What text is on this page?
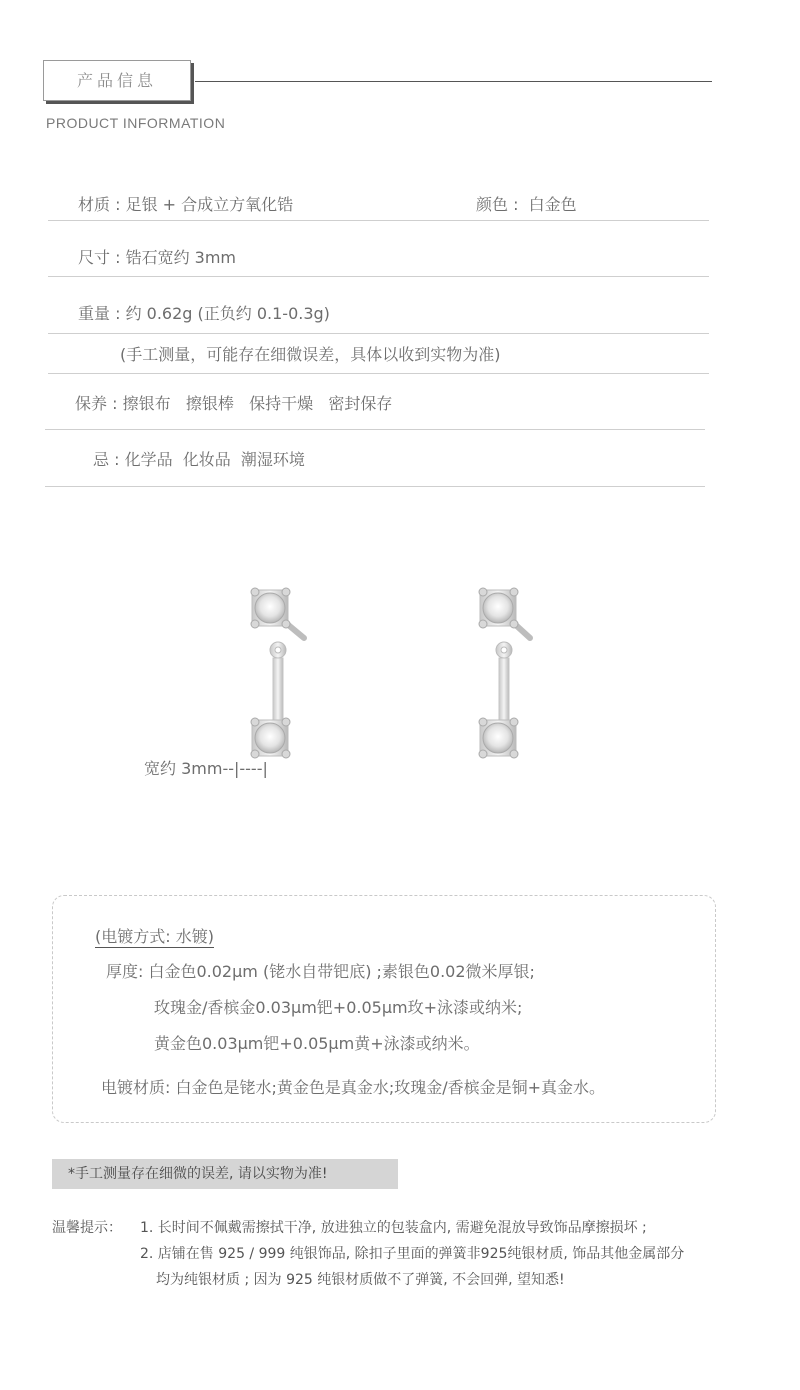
产品信息
PRODUCT INFORMATION
材质 : 足银 + 合成立方氧化锆	颜色 :  白金色
尺寸 : 锆石宽约 3mm
重量 : 约 0.62g (正负约 0.1-0.3g)
(手工测量，可能存在细微误差，具体以收到实物为准)
保养 : 擦银布   擦银棒   保持干燥   密封保存
忌 : 化学品  化妆品  潮湿环境
宽约 3mm--|----|
(电镀方式: 水镀)
厚度: 白金色0.02μm (铑水自带钯底) ;素银色0.02微米厚银;
玫瑰金/香槟金0.03μm钯+0.05μm玫+泳漆或纳米;
黄金色0.03μm钯+0.05μm黄+泳漆或纳米。
电镀材质: 白金色是铑水;黄金色是真金水;玫瑰金/香槟金是铜+真金水。
*手工测量存在细微的误差, 请以实物为准!
温馨提示： 1. 长时间不佩戴需擦拭干净, 放进独立的包装盒内, 需避免混放导致饰品摩擦损坏 ;
2. 店铺在售 925 / 999 纯银饰品, 除扣子里面的弹簧非925纯银材质, 饰品其他金属部分
均为纯银材质 ; 因为 925 纯银材质做不了弹簧, 不会回弹, 望知悉!
